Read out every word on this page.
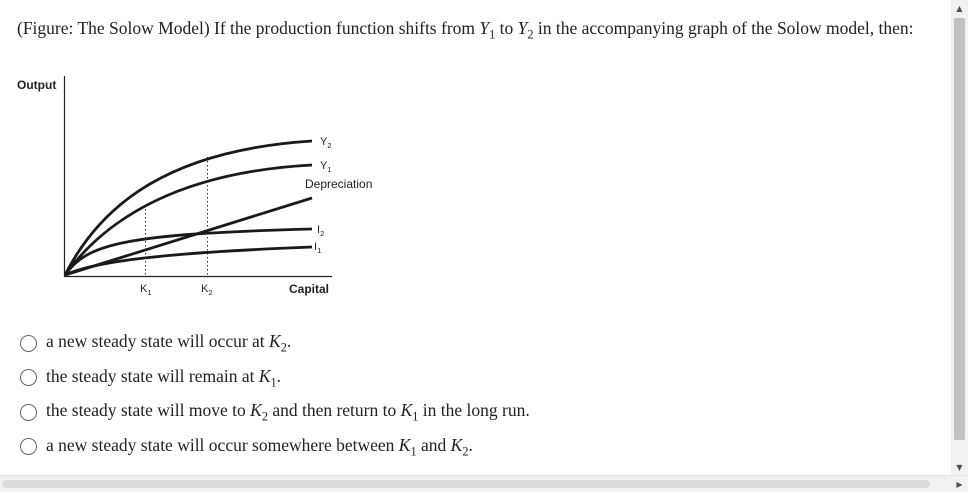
(Figure: The Solow Model) If the production function shifts from $Y_1$ to $Y_2$ in the accompanying graph of the Solow model, then:
Output
Capital
$Y_2$
$Y_1$
Depreciation
$I_2$
$I_1$
$K_1$	$K_2$
a new steady state will occur at $K_2$.
the steady state will remain at $K_1$.
the steady state will move to $K_2$ and then return to $K_1$ in the long run.
a new steady state will occur somewhere between $K_1$ and $K_2$.
▲
▼
▶
